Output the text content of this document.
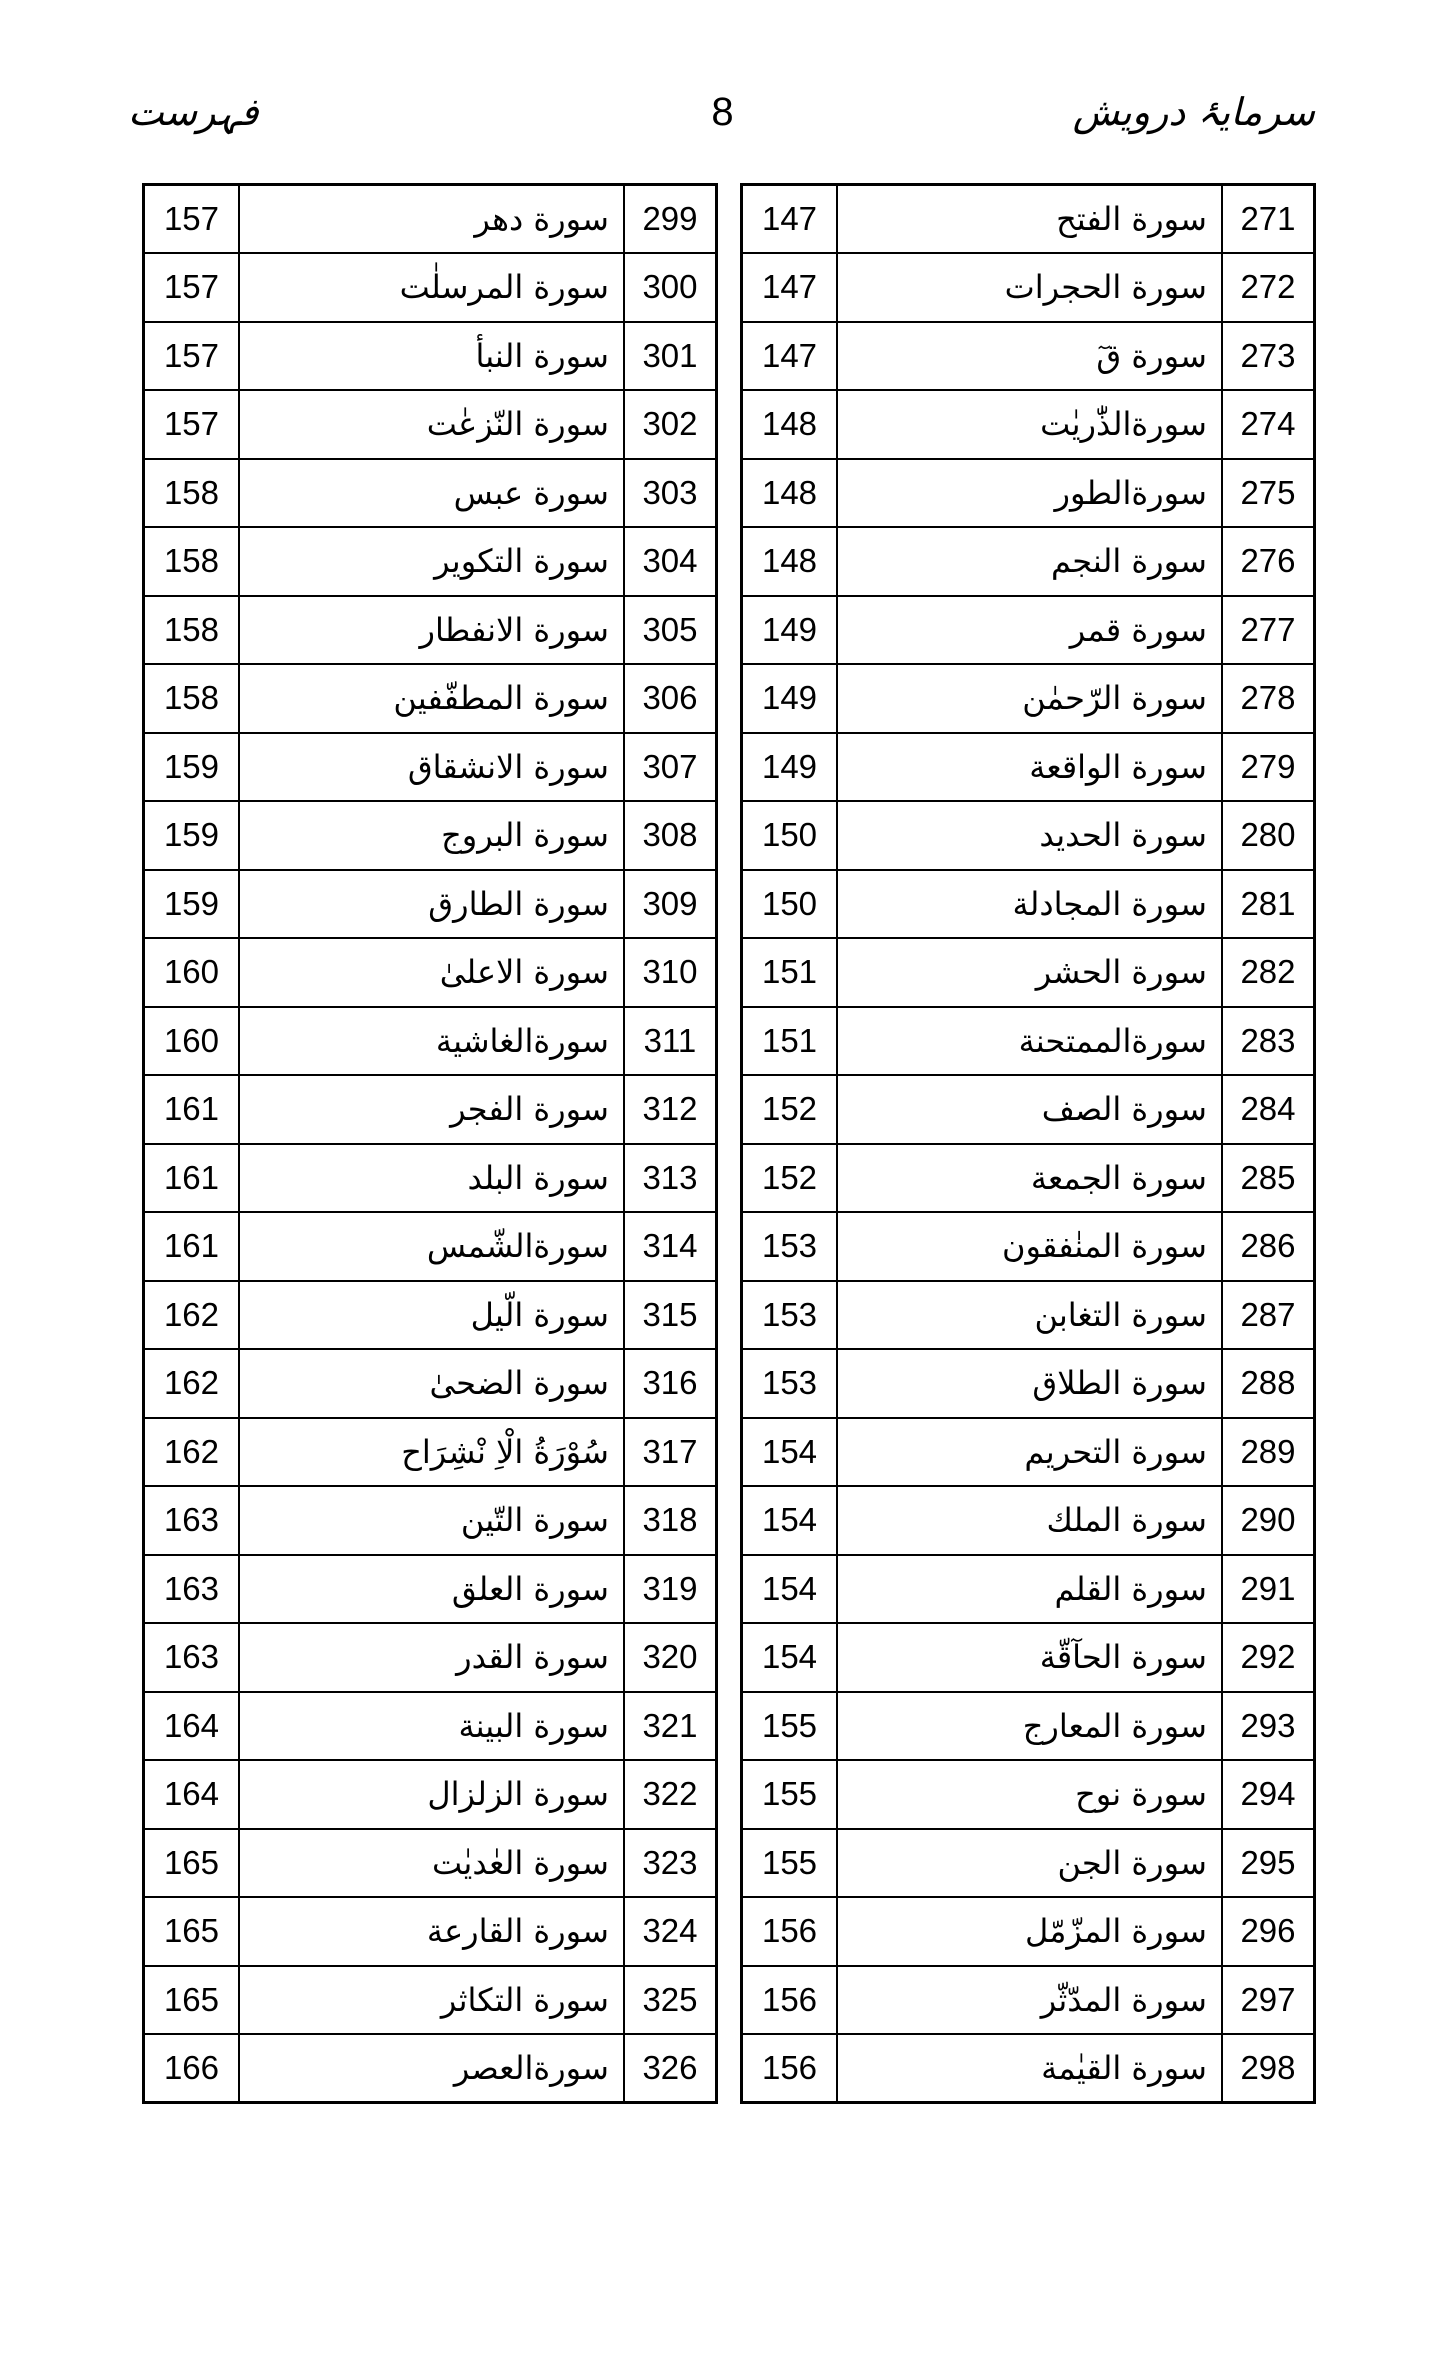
فہرست	8	سرمایۂ درویش
157	سورة دهر	299
157	سورة المرسلٰت	300
157	سورة النبأ	301
157	سورة النّزعٰت	302
158	سورة عبس	303
158	سورة التكوير	304
158	سورة الانفطار	305
158	سورة المطفّفين	306
159	سورة الانشقاق	307
159	سورة البروج	308
159	سورة الطارق	309
160	سورة الاعلىٰ	310
160	سورةالغاشية	311
161	سورة الفجر	312
161	سورة البلد	313
161	سورةالشّمس	314
162	سورة الّيل	315
162	سورة الضحىٰ	316
162	سُوْرَةُ الْاِ نْشِرَاح	317
163	سورة التّين	318
163	سورة العلق	319
163	سورة القدر	320
164	سورة البينة	321
164	سورة الزلزال	322
165	سورة العٰديٰت	323
165	سورة القارعة	324
165	سورة التكاثر	325
166	سورةالعصر	326
147	سورة الفتح	271
147	سورة الحجرات	272
147	سورة قٓ	273
148	سورةالذّٰريٰت	274
148	سورةالطور	275
148	سورة النجم	276
149	سورة قمر	277
149	سورة الرّحمٰن	278
149	سورة الواقعة	279
150	سورة الحديد	280
150	سورة المجادلة	281
151	سورة الحشر	282
151	سورةالممتحنة	283
152	سورة الصف	284
152	سورة الجمعة	285
153	سورة المنٰفقون	286
153	سورة التغابن	287
153	سورة الطلاق	288
154	سورة التحريم	289
154	سورة الملك	290
154	سورة القلم	291
154	سورة الحآقّة	292
155	سورة المعارج	293
155	سورة نوح	294
155	سورة الجن	295
156	سورة المزّمّل	296
156	سورة المدّثّر	297
156	سورة القيٰمة	298
